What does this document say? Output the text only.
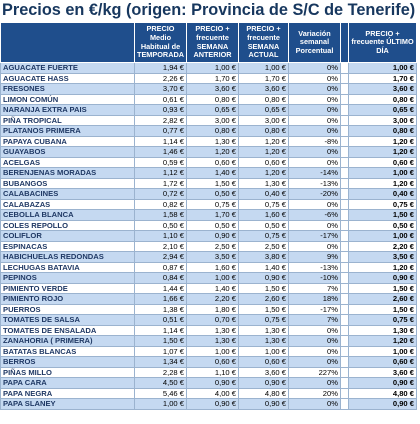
Precios en €/kg (origen: Provincia de S/C de Tenerife)
	PRECIO Medio Habitual de TEMPORADA	PRECIO + frecuente SEMANA ANTERIOR	PRECIO + frecuente SEMANA ACTUAL	Variación semanal Porcentual		PRECIO + frecuente ÚLTIMO DÍA
AGUACATE FUERTE	1,94 €	1,00 €	1,00 €	0%		1,00 €
AGUACATE HASS	2,26 €	1,70 €	1,70 €	0%		1,70 €
FRESONES	3,70 €	3,60 €	3,60 €	0%		3,60 €
LIMON COMÚN	0,61 €	0,80 €	0,80 €	0%		0,80 €
NARANJA EXTRA PAIS	0,93 €	0,65 €	0,65 €	0%		0,65 €
PIÑA TROPICAL	2,82 €	3,00 €	3,00 €	0%		3,00 €
PLATANOS PRIMERA	0,77 €	0,80 €	0,80 €	0%		0,80 €
PAPAYA CUBANA	1,14 €	1,30 €	1,20 €	-8%		1,20 €
GUAYABOS	1,46 €	1,20 €	1,20 €	0%		1,20 €
ACELGAS	0,59 €	0,60 €	0,60 €	0%		0,60 €
BERENJENAS MORADAS	1,12 €	1,40 €	1,20 €	-14%		1,00 €
BUBANGOS	1,72 €	1,50 €	1,30 €	-13%		1,20 €
CALABACINES	0,72 €	0,50 €	0,40 €	-20%		0,40 €
CALABAZAS	0,82 €	0,75 €	0,75 €	0%		0,75 €
CEBOLLA BLANCA	1,58 €	1,70 €	1,60 €	-6%		1,50 €
COLES REPOLLO	0,50 €	0,50 €	0,50 €	0%		0,50 €
COLIFLOR	1,10 €	0,90 €	0,75 €	-17%		1,00 €
ESPINACAS	2,10 €	2,50 €	2,50 €	0%		2,20 €
HABICHUELAS REDONDAS	2,94 €	3,50 €	3,80 €	9%		3,50 €
LECHUGAS BATAVIA	0,87 €	1,60 €	1,40 €	-13%		1,20 €
PEPINOS	0,84 €	1,00 €	0,90 €	-10%		0,90 €
PIMIENTO VERDE	1,44 €	1,40 €	1,50 €	7%		1,50 €
PIMIENTO ROJO	1,66 €	2,20 €	2,60 €	18%		2,60 €
PUERROS	1,38 €	1,80 €	1,50 €	-17%		1,50 €
TOMATES DE SALSA	0,51 €	0,70 €	0,75 €	7%		0,75 €
TOMATES DE ENSALADA	1,14 €	1,30 €	1,30 €	0%		1,30 €
ZANAHORIA ( PRIMERA)	1,50 €	1,30 €	1,30 €	0%		1,20 €
BATATAS BLANCAS	1,07 €	1,00 €	1,00 €	0%		1,00 €
BERROS	1,34 €	0,60 €	0,60 €	0%		0,60 €
PIÑAS MILLO	2,28 €	1,10 €	3,60 €	227%		3,60 €
PAPA CARA	4,50 €	0,90 €	0,90 €	0%		0,90 €
PAPA NEGRA	5,46 €	4,00 €	4,80 €	20%		4,80 €
PAPA SLANEY	1,00 €	0,90 €	0,90 €	0%		0,90 €
